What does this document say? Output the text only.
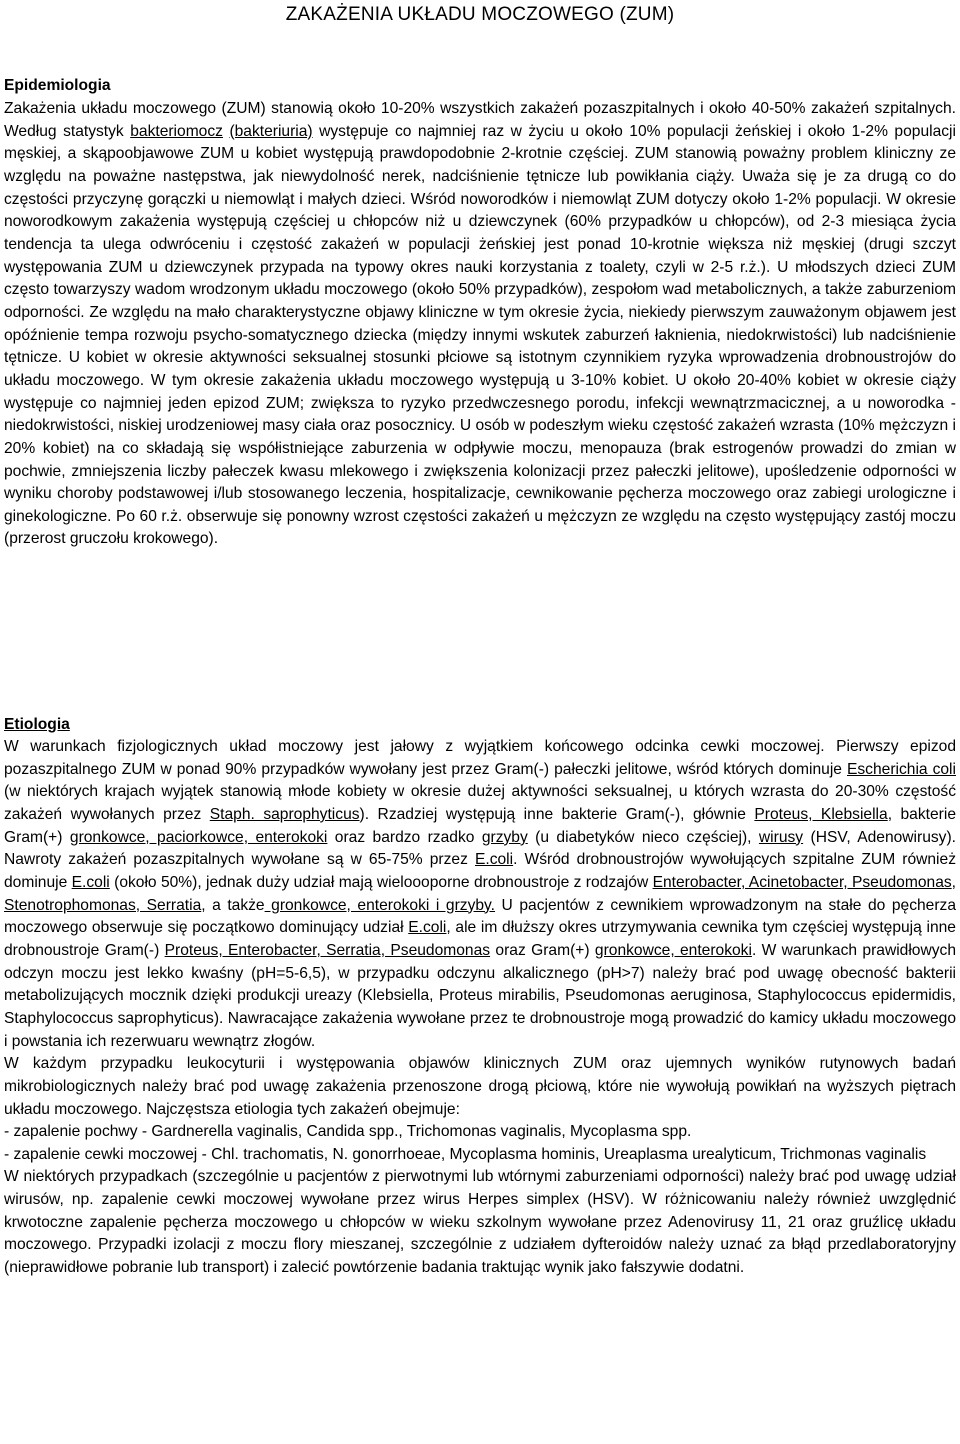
ZAKAŻENIA UKŁADU MOCZOWEGO (ZUM)
Epidemiologia

Zakażenia układu moczowego (ZUM) stanowią około 10-20% wszystkich zakażeń pozaszpitalnych i około 40-50% zakażeń szpitalnych. Według statystyk bakteriomocz (bakteriuria) występuje co najmniej raz w życiu u około 10% populacji żeńskiej i około 1-2% populacji męskiej, a skąpoobjawowe ZUM u kobiet występują prawdopodobnie 2-krotnie częściej. ZUM stanowią poważny problem kliniczny ze względu na poważne następstwa, jak niewydolność nerek, nadciśnienie tętnicze lub powikłania ciąży. Uważa się je za drugą co do częstości przyczynę gorączki u niemowląt i małych dzieci. Wśród noworodków i niemowląt ZUM dotyczy około 1-2% populacji. W okresie noworodkowym zakażenia występują częściej u chłopców niż u dziewczynek (60% przypadków u chłopców), od 2-3 miesiąca życia tendencja ta ulega odwróceniu i częstość zakażeń w populacji żeńskiej jest ponad 10-krotnie większa niż męskiej (drugi szczyt występowania ZUM u dziewczynek przypada na typowy okres nauki korzystania z toalety, czyli w 2-5 r.ż.). U młodszych dzieci ZUM często towarzyszy wadom wrodzonym układu moczowego (około 50% przypadków), zespołom wad metabolicznych, a także zaburzeniom odporności. Ze względu na mało charakterystyczne objawy kliniczne w tym okresie życia, niekiedy pierwszym zauważonym objawem jest opóźnienie tempa rozwoju psycho-somatycznego dziecka (między innymi wskutek zaburzeń łaknienia, niedokrwistości) lub nadciśnienie tętnicze. U kobiet w okresie aktywności seksualnej stosunki płciowe są istotnym czynnikiem ryzyka wprowadzenia drobnoustrojów do układu moczowego. W tym okresie zakażenia układu moczowego występują u 3-10% kobiet. U około 20-40% kobiet w okresie ciąży występuje co najmniej jeden epizod ZUM; zwiększa to ryzyko przedwczesnego porodu, infekcji wewnątrzmacicznej, a u noworodka - niedokrwistości, niskiej urodzeniowej masy ciała oraz posocznicy. U osób w podeszłym wieku częstość zakażeń wzrasta (10% mężczyzn i 20% kobiet) na co składają się współistniejące zaburzenia w odpływie moczu, menopauza (brak estrogenów prowadzi do zmian w pochwie, zmniejszenia liczby pałeczek kwasu mlekowego i zwiększenia kolonizacji przez pałeczki jelitowe), upośledzenie odporności w wyniku choroby podstawowej i/lub stosowanego leczenia, hospitalizacje, cewnikowanie pęcherza moczowego oraz zabiegi urologiczne i ginekologiczne. Po 60 r.ż. obserwuje się ponowny wzrost częstości zakażeń u mężczyzn ze względu na często występujący zastój moczu (przerost gruczołu krokowego).

Etiologia

W warunkach fizjologicznych układ moczowy jest jałowy z wyjątkiem końcowego odcinka cewki moczowej. Pierwszy epizod pozaszpitalnego ZUM w ponad 90% przypadków wywołany jest przez Gram(-) pałeczki jelitowe, wśród których dominuje Escherichia coli (w niektórych krajach wyjątek stanowią młode kobiety w okresie dużej aktywności seksualnej, u których wzrasta do 20-30% częstość zakażeń wywołanych przez Staph. saprophyticus). Rzadziej występują inne bakterie Gram(-), głównie Proteus, Klebsiella, bakterie Gram(+) gronkowce, paciorkowce, enterokoki oraz bardzo rzadko grzyby (u diabetyków nieco częściej), wirusy (HSV, Adenowirusy). Nawroty zakażeń pozaszpitalnych wywołane są w 65-75% przez E.coli. Wśród drobnoustrojów wywołujących szpitalne ZUM również dominuje E.coli (około 50%), jednak duży udział mają wieloooporne drobnoustroje z rodzajów Enterobacter, Acinetobacter, Pseudomonas, Stenotrophomonas, Serratia, a także gronkowce, enterokoki i grzyby. U pacjentów z cewnikiem wprowadzonym na stałe do pęcherza moczowego obserwuje się początkowo dominujący udział E.coli, ale im dłuższy okres utrzymywania cewnika tym częściej występują inne drobnoustroje Gram(-) Proteus, Enterobacter, Serratia, Pseudomonas oraz Gram(+) gronkowce, enterokoki. W warunkach prawidłowych odczyn moczu jest lekko kwaśny (pH=5-6,5), w przypadku odczynu alkalicznego (pH>7) należy brać pod uwagę obecność bakterii metabolizujących mocznik dzięki produkcji ureazy (Klebsiella, Proteus mirabilis, Pseudomonas aeruginosa, Staphylococcus epidermidis, Staphylococcus saprophyticus). Nawracające zakażenia wywołane przez te drobnoustroje mogą prowadzić do kamicy układu moczowego i powstania ich rezerwuaru wewnątrz złogów.

W każdym przypadku leukocyturii i występowania objawów klinicznych ZUM oraz ujemnych wyników rutynowych badań mikrobiologicznych należy brać pod uwagę zakażenia przenoszone drogą płciową, które nie wywołują powikłań na wyższych piętrach układu moczowego. Najczęstsza etiologia tych zakażeń obejmuje:

- zapalenie pochwy - Gardnerella vaginalis, Candida spp., Trichomonas vaginalis, Mycoplasma spp.

- zapalenie cewki moczowej - Chl. trachomatis, N. gonorrhoeae, Mycoplasma hominis, Ureaplasma urealyticum, Trichmonas vaginalis

W niektórych przypadkach (szczególnie u pacjentów z pierwotnymi lub wtórnymi zaburzeniami odporności) należy brać pod uwagę udział wirusów, np. zapalenie cewki moczowej wywołane przez wirus Herpes simplex (HSV). W różnicowaniu należy również uwzględnić krwotoczne zapalenie pęcherza moczowego u chłopców w wieku szkolnym wywołane przez Adenovirusy 11, 21 oraz gruźlicę układu moczowego. Przypadki izolacji z moczu flory mieszanej, szczególnie z udziałem dyfteroidów należy uznać za błąd przedlaboratoryjny (nieprawidłowe pobranie lub transport) i zalecić powtórzenie badania traktując wynik jako fałszywie dodatni.
